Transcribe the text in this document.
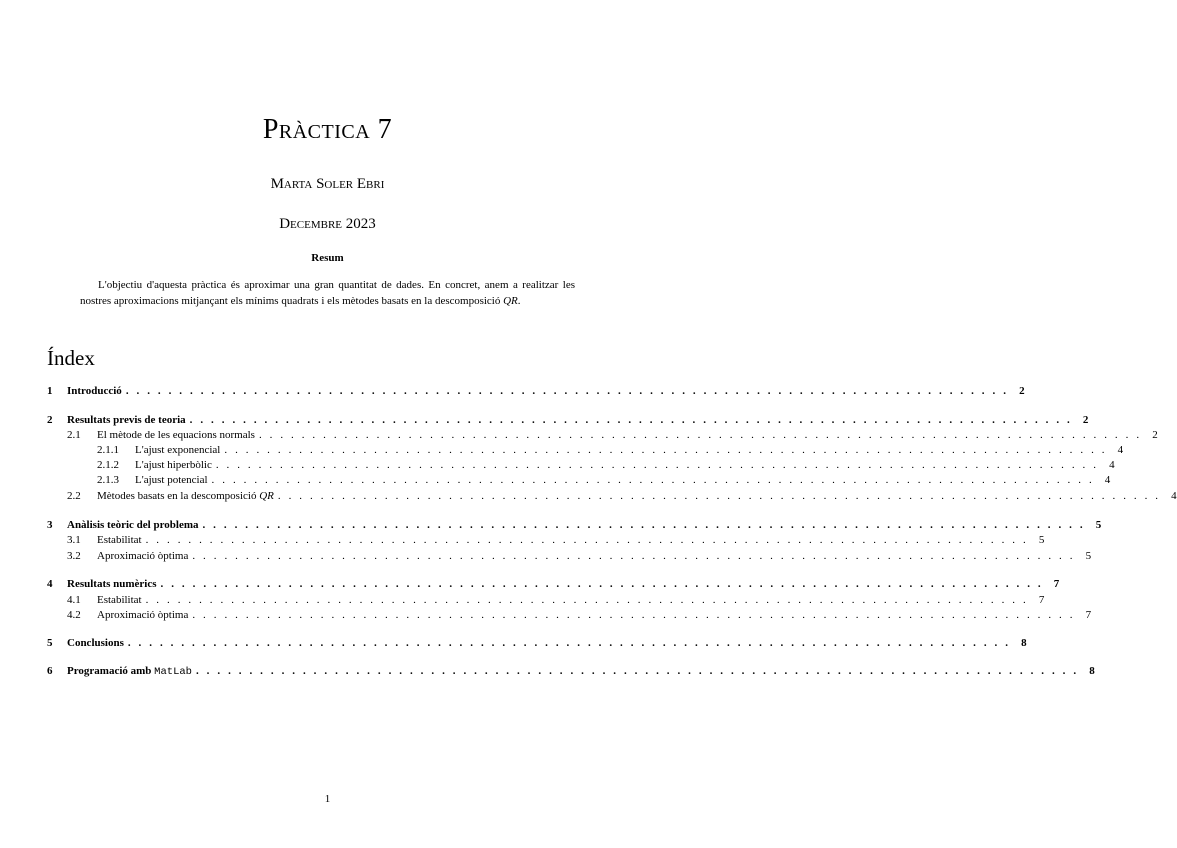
Pràctica 7
Marta Soler Ebri
Decembre 2023
Resum
L'objectiu d'aquesta pràctica és aproximar una gran quantitat de dades. En concret, anem a realitzar les nostres aproximacions mitjançant els mínims quadrats i els mètodes basats en la descomposició QR.
Índex
1	Introducció . . . . . . . . . . . . . . . . . . . . . . . . . . . . . . . . . . . . . . . . . . . . . . . . . . . . . . . . . . . . . . . . . . . . . . . . . . . . . . . . . . . 2
2	Resultats previs de teoria . . . . . . . . . . . . . . . . . . . . . . . . . . . . . . . . . . . . . . . . . . . . . . . . . . . . . . . . . . . . . . . . . . . . . . . . . . . . . . . . . . . 2
2.1	El mètode de les equacions normals . . . . . . . . . . . . . . . . . . . . . . . . . . . . . . . . . . . . . . . . . . . . . . . . . . . . . . . . . . . . . . . . . . . . . . . . . . . . . . . . . . . 2
2.1.1	L'ajust exponencial . . . . . . . . . . . . . . . . . . . . . . . . . . . . . . . . . . . . . . . . . . . . . . . . . . . . . . . . . . . . . . . . . . . . . . . . . . . . . . . . . . . 4
2.1.2	L'ajust hiperbòlic . . . . . . . . . . . . . . . . . . . . . . . . . . . . . . . . . . . . . . . . . . . . . . . . . . . . . . . . . . . . . . . . . . . . . . . . . . . . . . . . . . . 4
2.1.3	L'ajust potencial . . . . . . . . . . . . . . . . . . . . . . . . . . . . . . . . . . . . . . . . . . . . . . . . . . . . . . . . . . . . . . . . . . . . . . . . . . . . . . . . . . . 4
2.2	Mètodes basats en la descomposició QR . . . . . . . . . . . . . . . . . . . . . . . . . . . . . . . . . . . . . . . . . . . . . . . . . . . . . . . . . . . . . . . . . . . . . . . . . . . . . . . . . . . 4
3	Anàlisis teòric del problema . . . . . . . . . . . . . . . . . . . . . . . . . . . . . . . . . . . . . . . . . . . . . . . . . . . . . . . . . . . . . . . . . . . . . . . . . . . . . . . . . . . 5
3.1	Estabilitat . . . . . . . . . . . . . . . . . . . . . . . . . . . . . . . . . . . . . . . . . . . . . . . . . . . . . . . . . . . . . . . . . . . . . . . . . . . . . . . . . . . 5
3.2	Aproximació òptima . . . . . . . . . . . . . . . . . . . . . . . . . . . . . . . . . . . . . . . . . . . . . . . . . . . . . . . . . . . . . . . . . . . . . . . . . . . . . . . . . . . 5
4	Resultats numèrics . . . . . . . . . . . . . . . . . . . . . . . . . . . . . . . . . . . . . . . . . . . . . . . . . . . . . . . . . . . . . . . . . . . . . . . . . . . . . . . . . . . 7
4.1	Estabilitat . . . . . . . . . . . . . . . . . . . . . . . . . . . . . . . . . . . . . . . . . . . . . . . . . . . . . . . . . . . . . . . . . . . . . . . . . . . . . . . . . . . 7
4.2	Aproximació òptima . . . . . . . . . . . . . . . . . . . . . . . . . . . . . . . . . . . . . . . . . . . . . . . . . . . . . . . . . . . . . . . . . . . . . . . . . . . . . . . . . . . 7
5	Conclusions . . . . . . . . . . . . . . . . . . . . . . . . . . . . . . . . . . . . . . . . . . . . . . . . . . . . . . . . . . . . . . . . . . . . . . . . . . . . . . . . . . . 8
6	Programació amb MatLab . . . . . . . . . . . . . . . . . . . . . . . . . . . . . . . . . . . . . . . . . . . . . . . . . . . . . . . . . . . . . . . . . . . . . . . . . . . . . . . . . . . 8
1
